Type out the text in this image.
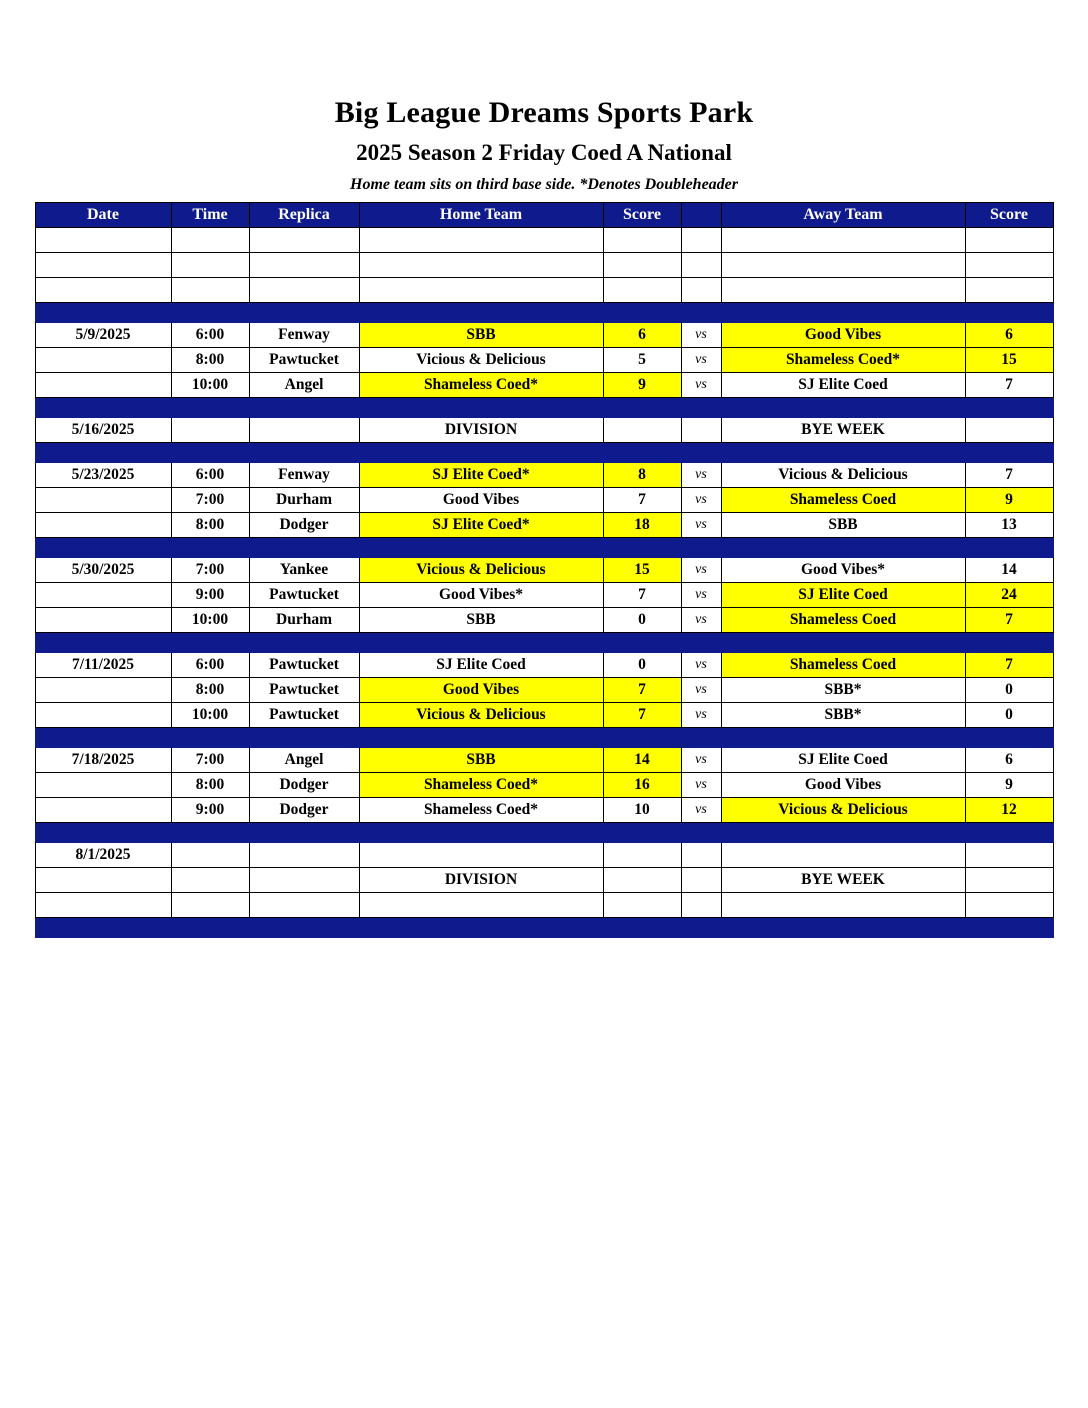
Big League Dreams Sports Park
2025 Season 2 Friday Coed A National
Home team sits on third base side. *Denotes Doubleheader
Date	Time	Replica	Home Team	Score		Away Team	Score

5/9/2025	6:00	Fenway	SBB	6	vs	Good Vibes	6
	8:00	Pawtucket	Vicious & Delicious	5	vs	Shameless Coed*	15
	10:00	Angel	Shameless Coed*	9	vs	SJ Elite Coed	7

5/16/2025			DIVISION			BYE WEEK	

5/23/2025	6:00	Fenway	SJ Elite Coed*	8	vs	Vicious & Delicious	7
	7:00	Durham	Good Vibes	7	vs	Shameless Coed	9
	8:00	Dodger	SJ Elite Coed*	18	vs	SBB	13

5/30/2025	7:00	Yankee	Vicious & Delicious	15	vs	Good Vibes*	14
	9:00	Pawtucket	Good Vibes*	7	vs	SJ Elite Coed	24
	10:00	Durham	SBB	0	vs	Shameless Coed	7

7/11/2025	6:00	Pawtucket	SJ Elite Coed	0	vs	Shameless Coed	7
	8:00	Pawtucket	Good Vibes	7	vs	SBB*	0
	10:00	Pawtucket	Vicious & Delicious	7	vs	SBB*	0

7/18/2025	7:00	Angel	SBB	14	vs	SJ Elite Coed	6
	8:00	Dodger	Shameless Coed*	16	vs	Good Vibes	9
	9:00	Dodger	Shameless Coed*	10	vs	Vicious & Delicious	12

8/1/2025							
			DIVISION			BYE WEEK	
